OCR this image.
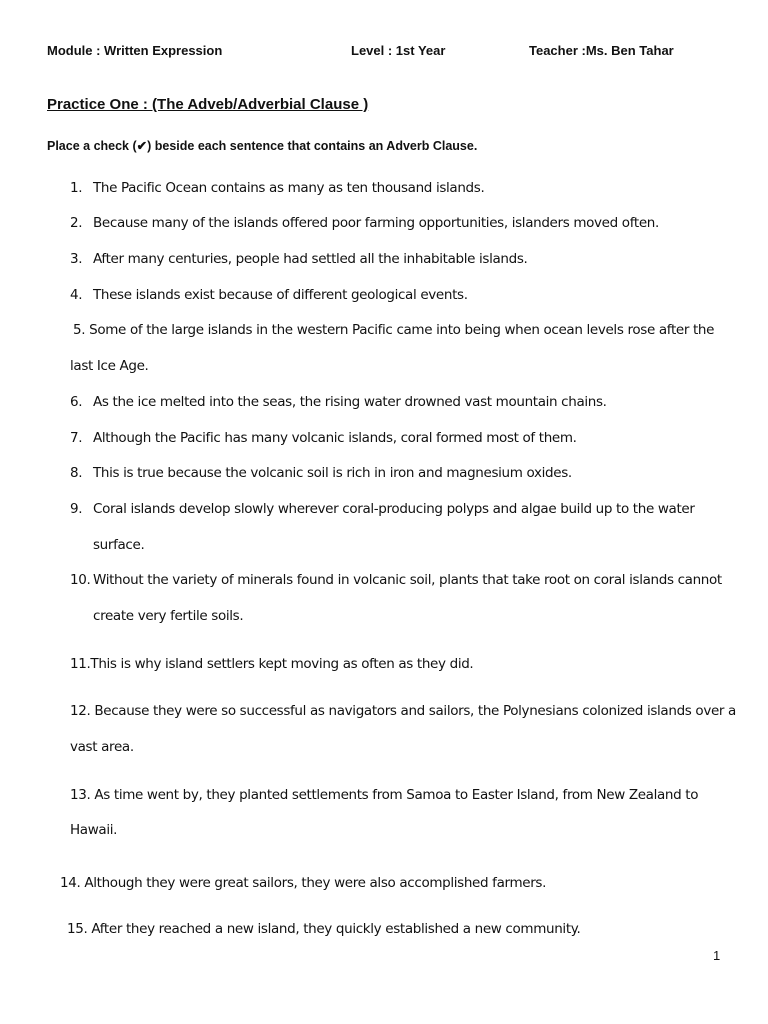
Module : Written Expression	Level : 1st Year	Teacher :Ms. Ben Tahar
Practice One : (The Adveb/Adverbial Clause )
Place a check (✔) beside each sentence that contains an Adverb Clause.
1. The Pacific Ocean contains as many as ten thousand islands.
2. Because many of the islands offered poor farming opportunities, islanders moved often.
3. After many centuries, people had settled all the inhabitable islands.
4. These islands exist because of different geological events.
5. Some of the large islands in the western Pacific came into being when ocean levels rose after the
last Ice Age.
6. As the ice melted into the seas, the rising water drowned vast mountain chains.
7. Although the Pacific has many volcanic islands, coral formed most of them.
8. This is true because the volcanic soil is rich in iron and magnesium oxides.
9. Coral islands develop slowly wherever coral-producing polyps and algae build up to the water
surface.
10. Without the variety of minerals found in volcanic soil, plants that take root on coral islands cannot
create very fertile soils.
11.This is why island settlers kept moving as often as they did.
12. Because they were so successful as navigators and sailors, the Polynesians colonized islands over a
vast area.
13. As time went by, they planted settlements from Samoa to Easter Island, from New Zealand to
Hawaii.
14. Although they were great sailors, they were also accomplished farmers.
15. After they reached a new island, they quickly established a new community.
1
